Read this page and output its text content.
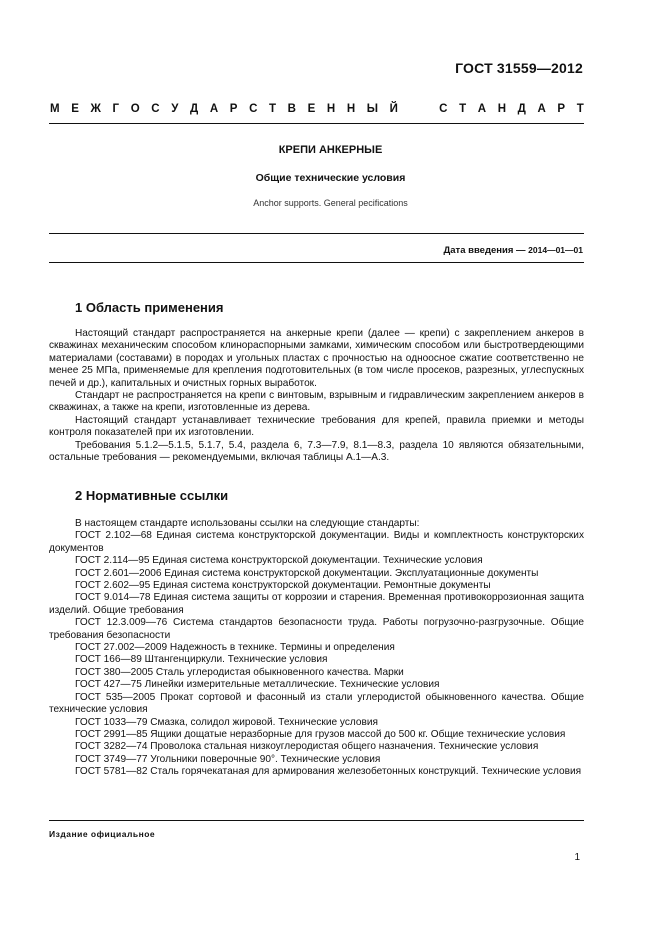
ГОСТ 31559—2012
М Е Ж Г О С У Д А Р С Т В Е Н Н Ы Й	С Т А Н Д А Р Т
КРЕПИ АНКЕРНЫЕ
Общие технические условия
Anchor supports. General pecifications
Дата введения — 2014—01—01
1 Область применения

Настоящий стандарт распространяется на анкерные крепи (далее — крепи) с закреплением анкеров в скважинах механическим способом клинораспорными замками, химическим способом или быстротвердеющими материалами (составами) в породах и угольных пластах с прочностью на одноосное сжатие соответственно не менее 25 МПа, применяемые для крепления подготовительных (в том числе просеков, разрезных, углеспускных печей и др.), капитальных и очистных горных выработок.

Стандарт не распространяется на крепи с винтовым, взрывным и гидравлическим закреплением анкеров в скважинах, а также на крепи, изготовленные из дерева.

Настоящий стандарт устанавливает технические требования для крепей, правила приемки и методы контроля показателей при их изготовлении.

Требования 5.1.2—5.1.5, 5.1.7, 5.4, раздела 6, 7.3—7.9, 8.1—8.3, раздела 10 являются обязательными, остальные требования — рекомендуемыми, включая таблицы А.1—А.3.

2 Нормативные ссылки

В настоящем стандарте использованы ссылки на следующие стандарты:

ГОСТ 2.102—68 Единая система конструкторской документации. Виды и комплектность конструкторских документов

ГОСТ 2.114—95 Единая система конструкторской документации. Технические условия

ГОСТ 2.601—2006 Единая система конструкторской документации. Эксплуатационные документы

ГОСТ 2.602—95 Единая система конструкторской документации. Ремонтные документы

ГОСТ 9.014—78 Единая система защиты от коррозии и старения. Временная противокоррозионная защита изделий. Общие требования

ГОСТ 12.3.009—76 Система стандартов безопасности труда. Работы погрузочно-разгрузочные. Общие требования безопасности

ГОСТ 27.002—2009 Надежность в технике. Термины и определения

ГОСТ 166—89 Штангенциркули. Технические условия

ГОСТ 380—2005 Сталь углеродистая обыкновенного качества. Марки

ГОСТ 427—75 Линейки измерительные металлические. Технические условия

ГОСТ 535—2005 Прокат сортовой и фасонный из стали углеродистой обыкновенного качества. Общие технические условия

ГОСТ 1033—79 Смазка, солидол жировой. Технические условия

ГОСТ 2991—85 Ящики дощатые неразборные для грузов массой до 500 кг. Общие технические условия

ГОСТ 3282—74 Проволока стальная низкоуглеродистая общего назначения. Технические условия

ГОСТ 3749—77 Угольники поверочные 90°. Технические условия

ГОСТ 5781—82 Сталь горячекатаная для армирования железобетонных конструкций. Технические условия

Издание официальное
1
